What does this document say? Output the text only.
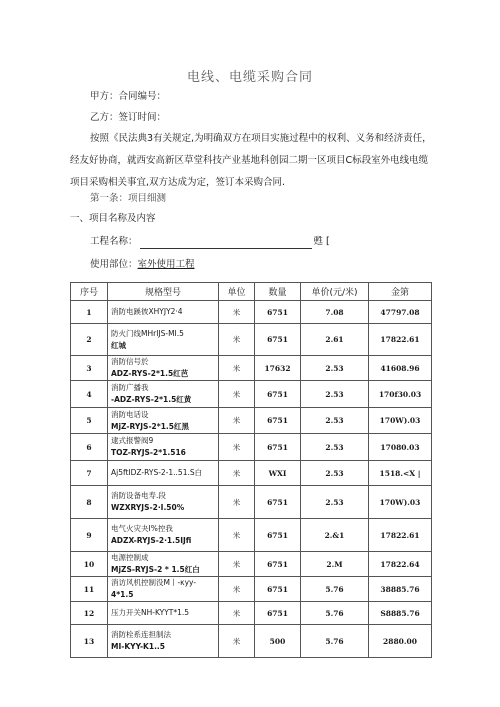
电线、电缆采购合同
甲方：合同编号：
乙方：签订时间：
按照《民法典3有关规定,为明确双方在项目实施过程中的权利、义务和经济责任，经友好协商，就西安高新区草堂科技产业基地科创园二期一区项目C标段室外电线电缆项目采购相关事宜,双方达成为定，签订本采购合同.
第一条：项目细测
一、项目名称及内容
工程名称：	甦 [
使用部位：室外使用工程
序号	规格型号	单位	数量	单价(元/米)	金第
1	消防电蹊彼XHYJY2·4	米	6751	7.08	47797.08
2	防火门线MHrIJS-MI.5
红城	米	6751	2.61	17822.61
3	消防信号於
ADZ-RYS-2*1.5红芭	米	17632	2.53	41608.96
4	消防广播我
-ADZ-RYS-2*1.5红黄	米	6751	2.53	170f30.03
5	消防电话设
MjZ-RYJS-2*1.5红黑	米	6751	2.53	170W).03
6	逮式报警阀9
TOZ-RYJS-2*1.516	米	6751	2.53	17080.03
7	Aj5ftIDZ-RYS-2-1..51.S白	米	WXI	2.53	1518.<X |
8	消防设备电寿.段
WZXRYJS-2·I.50%	米	6751	2.53	170W).03
9	电气火灾夬I%控我
ADZX-RYJS-2·1.5IJfi	米	6751	2.&1	17822.61
10	电源控制成
MjZS-RYJS-2 * 1.5红白	米	6751	2.M	17822.64
11	消访风机控制没M丨-κyy-
4*1.5	米	6751	5.76	38885.76
12	压力开关NH-KYYT*1.5	米	6751	5.76	S8885.76
13	消防栓系连担制法
MI-KYY-K1..5	米	500	5.76	2880.00
